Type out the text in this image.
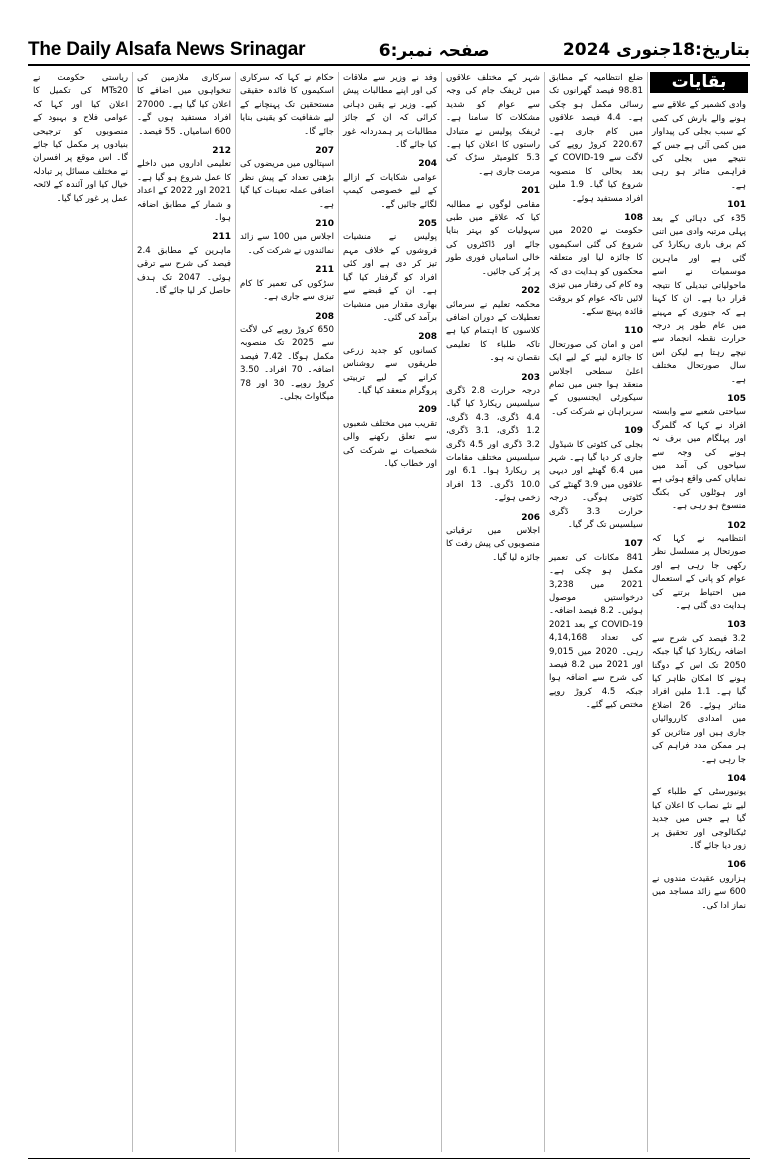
The Daily Alsafa News Srinagar	صفحہ نمبر:6	بتاریخ:18جنوری 2024
بقایات

وادی کشمیر کے علاقے سے ہونے والے بارش کی کمی کے سبب بجلی کی پیداوار میں کمی آئی ہے جس کے نتیجے میں بجلی کی فراہمی متاثر ہو رہی ہے۔

101

35ء کی دہائی کے بعد پہلی مرتبہ وادی میں اتنی کم برف باری ریکارڈ کی گئی ہے اور ماہرین موسمیات نے اسے ماحولیاتی تبدیلی کا نتیجہ قرار دیا ہے۔ ان کا کہنا ہے کہ جنوری کے مہینے میں عام طور پر درجہ حرارت نقطہ انجماد سے نیچے رہتا ہے لیکن اس سال صورتحال مختلف ہے۔

105

سیاحتی شعبے سے وابستہ افراد نے کہا کہ گلمرگ اور پہلگام میں برف نہ ہونے کی وجہ سے سیاحوں کی آمد میں نمایاں کمی واقع ہوئی ہے اور ہوٹلوں کی بکنگ منسوخ ہو رہی ہے۔

102

انتظامیہ نے کہا کہ صورتحال پر مسلسل نظر رکھی جا رہی ہے اور عوام کو پانی کے استعمال میں احتیاط برتنے کی ہدایت دی گئی ہے۔

103

3.2 فیصد کی شرح سے اضافہ ریکارڈ کیا گیا جبکہ 2050 تک اس کے دوگنا ہونے کا امکان ظاہر کیا گیا ہے۔ 1.1 ملین افراد متاثر ہوئے۔ 26 اضلاع میں امدادی کارروائیاں جاری ہیں اور متاثرین کو ہر ممکن مدد فراہم کی جا رہی ہے۔

104

یونیورسٹی کے طلباء کے لیے نئے نصاب کا اعلان کیا گیا ہے جس میں جدید ٹیکنالوجی اور تحقیق پر زور دیا جائے گا۔

106

ہزاروں عقیدت مندوں نے 600 سے زائد مساجد میں نماز ادا کی۔

ضلع انتظامیہ کے مطابق 98.81 فیصد گھرانوں تک رسائی مکمل ہو چکی ہے۔ 4.4 فیصد علاقوں میں کام جاری ہے۔ 220.67 کروڑ روپے کی لاگت سے COVID-19 کے بعد بحالی کا منصوبہ شروع کیا گیا۔ 1.9 ملین افراد مستفید ہوئے۔

108

حکومت نے 2020 میں شروع کی گئی اسکیموں کا جائزہ لیا اور متعلقہ محکموں کو ہدایت دی کہ وہ کام کی رفتار میں تیزی لائیں تاکہ عوام کو بروقت فائدہ پہنچ سکے۔

110

امن و امان کی صورتحال کا جائزہ لینے کے لیے ایک اعلیٰ سطحی اجلاس منعقد ہوا جس میں تمام سیکورٹی ایجنسیوں کے سربراہان نے شرکت کی۔

109

بجلی کی کٹوتی کا شیڈول جاری کر دیا گیا ہے۔ شہر میں 6.4 گھنٹے اور دیہی علاقوں میں 3.9 گھنٹے کی کٹوتی ہوگی۔ درجہ حرارت 3.3 ڈگری سیلسیس تک گر گیا۔

107

841 مکانات کی تعمیر مکمل ہو چکی ہے۔ 2021 میں 3,238 درخواستیں موصول ہوئیں۔ 8.2 فیصد اضافہ۔ COVID-19 کے بعد 2021 کی تعداد 4,14,168 رہی۔ 2020 میں 9,015 اور 2021 میں 8.2 فیصد کی شرح سے اضافہ ہوا جبکہ 4.5 کروڑ روپے مختص کیے گئے۔

شہر کے مختلف علاقوں میں ٹریفک جام کی وجہ سے عوام کو شدید مشکلات کا سامنا ہے۔ ٹریفک پولیس نے متبادل راستوں کا اعلان کیا ہے۔ 5.3 کلومیٹر سڑک کی مرمت جاری ہے۔

201

مقامی لوگوں نے مطالبہ کیا کہ علاقے میں طبی سہولیات کو بہتر بنایا جائے اور ڈاکٹروں کی خالی اسامیاں فوری طور پر پُر کی جائیں۔

202

محکمہ تعلیم نے سرمائی تعطیلات کے دوران اضافی کلاسوں کا اہتمام کیا ہے تاکہ طلباء کا تعلیمی نقصان نہ ہو۔

203

درجہ حرارت 2.8 ڈگری سیلسیس ریکارڈ کیا گیا۔ 4.4 ڈگری، 4.3 ڈگری، 1.2 ڈگری، 3.1 ڈگری، 3.2 ڈگری اور 4.5 ڈگری سیلسیس مختلف مقامات پر ریکارڈ ہوا۔ 6.1 اور 10.0 ڈگری۔ 13 افراد زخمی ہوئے۔

206

اجلاس میں ترقیاتی منصوبوں کی پیش رفت کا جائزہ لیا گیا۔

وفد نے وزیر سے ملاقات کی اور اپنے مطالبات پیش کیے۔ وزیر نے یقین دہانی کرائی کہ ان کے جائز مطالبات پر ہمدردانہ غور کیا جائے گا۔

204

عوامی شکایات کے ازالے کے لیے خصوصی کیمپ لگائے جائیں گے۔

205

پولیس نے منشیات فروشوں کے خلاف مہم تیز کر دی ہے اور کئی افراد کو گرفتار کیا گیا ہے۔ ان کے قبضے سے بھاری مقدار میں منشیات برآمد کی گئی۔

208

کسانوں کو جدید زرعی طریقوں سے روشناس کرانے کے لیے تربیتی پروگرام منعقد کیا گیا۔

209

تقریب میں مختلف شعبوں سے تعلق رکھنے والی شخصیات نے شرکت کی اور خطاب کیا۔

حکام نے کہا کہ سرکاری اسکیموں کا فائدہ حقیقی مستحقین تک پہنچانے کے لیے شفافیت کو یقینی بنایا جائے گا۔

207

اسپتالوں میں مریضوں کی بڑھتی تعداد کے پیش نظر اضافی عملہ تعینات کیا گیا ہے۔

210

اجلاس میں 100 سے زائد نمائندوں نے شرکت کی۔

211

سڑکوں کی تعمیر کا کام تیزی سے جاری ہے۔

208

650 کروڑ روپے کی لاگت سے 2025 تک منصوبہ مکمل ہوگا۔ 7.42 فیصد اضافہ۔ 70 افراد۔ 3.50 کروڑ روپے۔ 30 اور 78 میگاواٹ بجلی۔

سرکاری ملازمین کی تنخواہوں میں اضافے کا اعلان کیا گیا ہے۔ 27000 افراد مستفید ہوں گے۔ 600 اسامیاں۔ 55 فیصد۔

212

تعلیمی اداروں میں داخلے کا عمل شروع ہو گیا ہے۔ 2021 اور 2022 کے اعداد و شمار کے مطابق اضافہ ہوا۔

211

ماہرین کے مطابق 2.4 فیصد کی شرح سے ترقی ہوئی۔ 2047 تک ہدف حاصل کر لیا جائے گا۔

ریاستی حکومت نے MTs20 کی تکمیل کا اعلان کیا اور کہا کہ عوامی فلاح و بہبود کے منصوبوں کو ترجیحی بنیادوں پر مکمل کیا جائے گا۔ اس موقع پر افسران نے مختلف مسائل پر تبادلہ خیال کیا اور آئندہ کے لائحہ عمل پر غور کیا گیا۔
